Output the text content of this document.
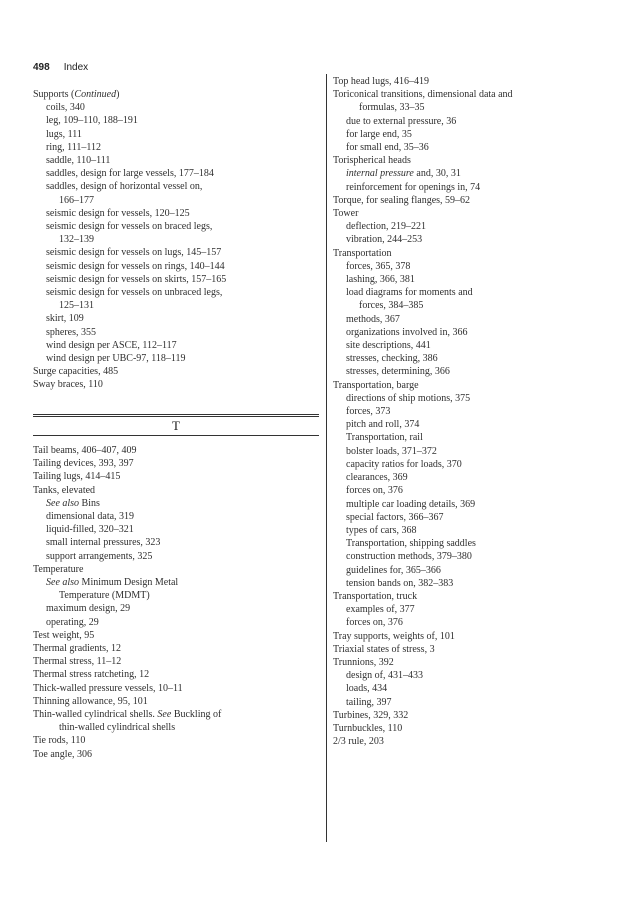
498 Index
Supports (Continued)
coils, 340
leg, 109–110, 188–191
lugs, 111
ring, 111–112
saddle, 110–111
saddles, design for large vessels, 177–184
saddles, design of horizontal vessel on,
166–177
seismic design for vessels, 120–125
seismic design for vessels on braced legs,
132–139
seismic design for vessels on lugs, 145–157
seismic design for vessels on rings, 140–144
seismic design for vessels on skirts, 157–165
seismic design for vessels on unbraced legs,
125–131
skirt, 109
spheres, 355
wind design per ASCE, 112–117
wind design per UBC-97, 118–119
Surge capacities, 485
Sway braces, 110
T
Tail beams, 406–407, 409
Tailing devices, 393, 397
Tailing lugs, 414–415
Tanks, elevated
See also Bins
dimensional data, 319
liquid-filled, 320–321
small internal pressures, 323
support arrangements, 325
Temperature
See also Minimum Design Metal
Temperature (MDMT)
maximum design, 29
operating, 29
Test weight, 95
Thermal gradients, 12
Thermal stress, 11–12
Thermal stress ratcheting, 12
Thick-walled pressure vessels, 10–11
Thinning allowance, 95, 101
Thin-walled cylindrical shells. See Buckling of
thin-walled cylindrical shells
Tie rods, 110
Toe angle, 306
Top head lugs, 416–419
Toriconical transitions, dimensional data and
formulas, 33–35
due to external pressure, 36
for large end, 35
for small end, 35–36
Torispherical heads
internal pressure and, 30, 31
reinforcement for openings in, 74
Torque, for sealing flanges, 59–62
Tower
deflection, 219–221
vibration, 244–253
Transportation
forces, 365, 378
lashing, 366, 381
load diagrams for moments and
forces, 384–385
methods, 367
organizations involved in, 366
site descriptions, 441
stresses, checking, 386
stresses, determining, 366
Transportation, barge
directions of ship motions, 375
forces, 373
pitch and roll, 374
Transportation, rail
bolster loads, 371–372
capacity ratios for loads, 370
clearances, 369
forces on, 376
multiple car loading details, 369
special factors, 366–367
types of cars, 368
Transportation, shipping saddles
construction methods, 379–380
guidelines for, 365–366
tension bands on, 382–383
Transportation, truck
examples of, 377
forces on, 376
Tray supports, weights of, 101
Triaxial states of stress, 3
Trunnions, 392
design of, 431–433
loads, 434
tailing, 397
Turbines, 329, 332
Turnbuckles, 110
2/3 rule, 203
